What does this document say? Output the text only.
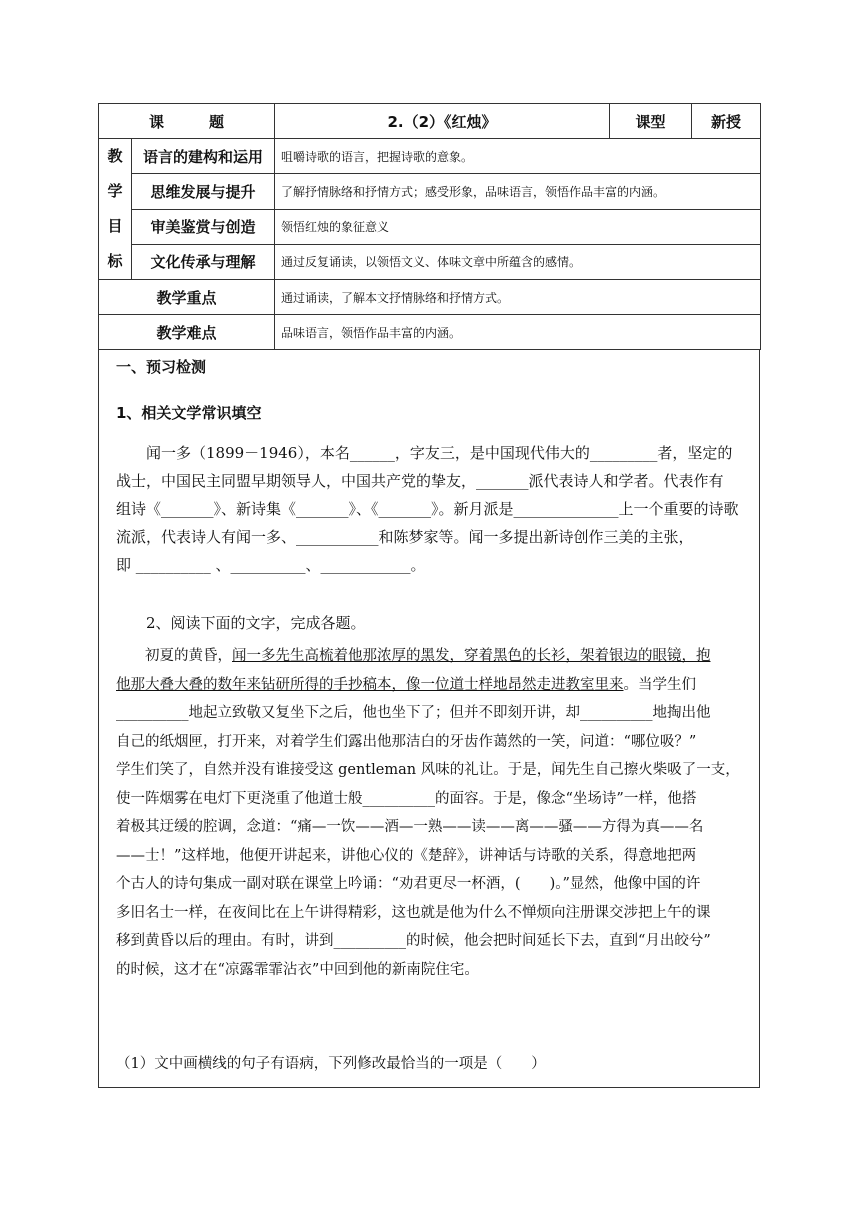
课　　　题		2.（2）《红烛》	课型	新授

教
学
目
标	语言的建构和运用	咀嚼诗歌的语言，把握诗歌的意象。		
	思维发展与提升	了解抒情脉络和抒情方式；感受形象，品味语言，领悟作品丰富的内涵。		
	审美鉴赏与创造	领悟红烛的象征意义		
	文化传承与理解	通过反复诵读，以领悟文义、体味文章中所蕴含的感情。		
教学重点		通过诵读，了解本文抒情脉络和抒情方式。		
教学难点		品味语言，领悟作品丰富的内涵。		
一、预习检测
1、相关文学常识填空
　　闻一多（1899－1946），本名______，字友三，是中国现代伟大的_________者，坚定的
战士，中国民主同盟早期领导人，中国共产党的挚友，_______派代表诗人和学者。代表作有
组诗《_______》、新诗集《_______》、《_______》。新月派是______________上一个重要的诗歌
流派，代表诗人有闻一多、___________和陈梦家等。闻一多提出新诗创作三美的主张，
即 __________ 、__________、____________。
　　2、阅读下面的文字，完成各题。
　　初夏的黄昏，闻一多先生高梳着他那浓厚的黑发，穿着黑色的长衫，架着银边的眼镜，抱
他那大叠大叠的数年来钻研所得的手抄稿本，像一位道士样地昂然走进教室里来。当学生们
__________地起立致敬又复坐下之后，他也坐下了；但并不即刻开讲，却__________地掏出他
自己的纸烟匣，打开来，对着学生们露出他那洁白的牙齿作蔼然的一笑，问道：“哪位吸？”
学生们笑了，自然并没有谁接受这 gentleman 风味的礼让。于是，闻先生自己擦火柴吸了一支，
使一阵烟雾在电灯下更浇重了他道士般__________的面容。于是，像念“坐场诗”一样，他搭
着极其迂缓的腔调，念道：“痛—一饮——酒—一熟——读——离——骚——方得为真——名
——士！”这样地，他便开讲起来，讲他心仪的《楚辞》，讲神话与诗歌的关系，得意地把两
个古人的诗句集成一副对联在课堂上吟诵：“劝君更尽一杯酒，(　　)。”显然，他像中国的许
多旧名士一样，在夜间比在上午讲得精彩，这也就是他为什么不惮烦向注册课交涉把上午的课
移到黄昏以后的理由。有时，讲到__________的时候，他会把时间延长下去，直到“月出皎兮”
的时候，这才在“凉露霏霏沾衣”中回到他的新南院住宅。
（1）文中画横线的句子有语病，下列修改最恰当的一项是（　　）
